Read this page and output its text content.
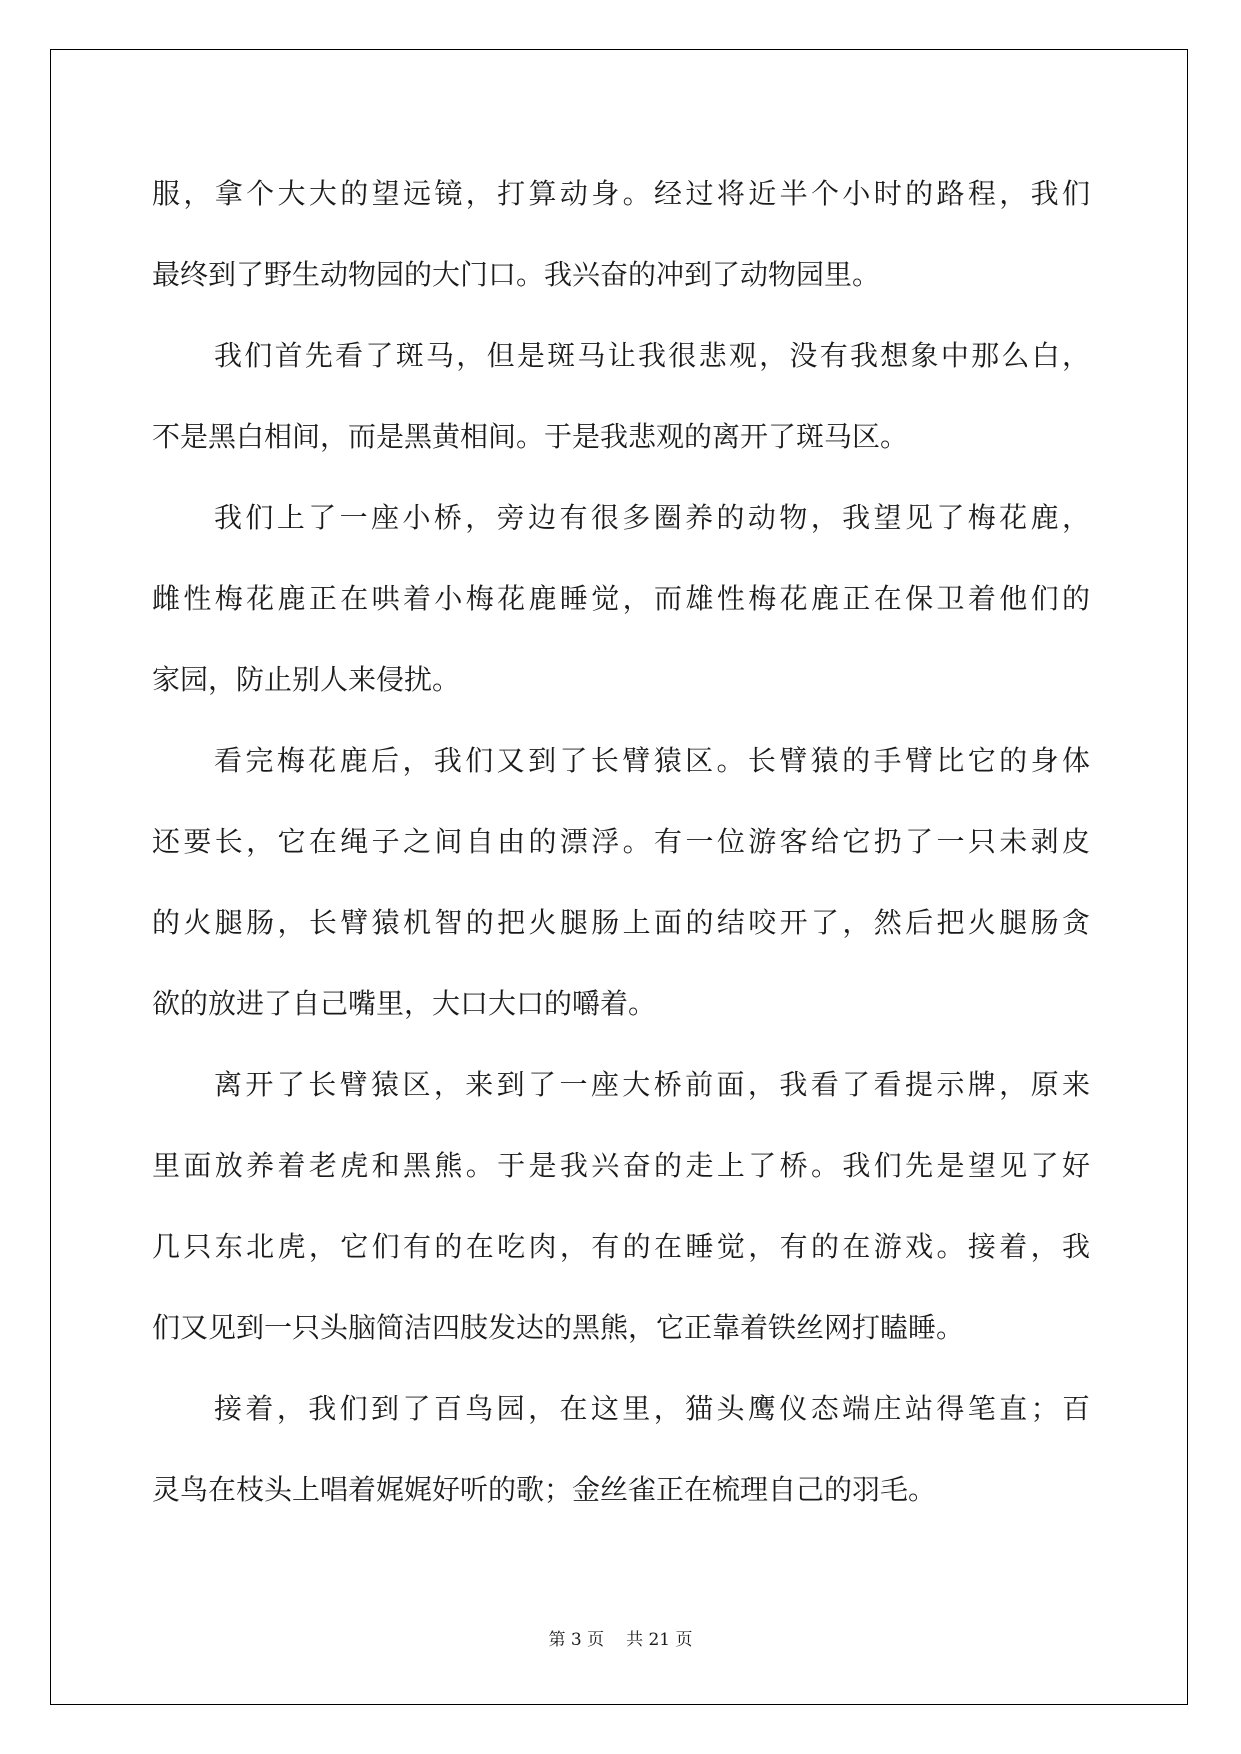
服，拿个大大的望远镜，打算动身。经过将近半个小时的路程，我们
最终到了野生动物园的大门口。我兴奋的冲到了动物园里。
我们首先看了斑马，但是斑马让我很悲观，没有我想象中那么白，
不是黑白相间，而是黑黄相间。于是我悲观的离开了斑马区。
我们上了一座小桥，旁边有很多圈养的动物，我望见了梅花鹿，
雌性梅花鹿正在哄着小梅花鹿睡觉，而雄性梅花鹿正在保卫着他们的
家园，防止别人来侵扰。
看完梅花鹿后，我们又到了长臂猿区。长臂猿的手臂比它的身体
还要长，它在绳子之间自由的漂浮。有一位游客给它扔了一只未剥皮
的火腿肠，长臂猿机智的把火腿肠上面的结咬开了，然后把火腿肠贪
欲的放进了自己嘴里，大口大口的嚼着。
离开了长臂猿区，来到了一座大桥前面，我看了看提示牌，原来
里面放养着老虎和黑熊。于是我兴奋的走上了桥。我们先是望见了好
几只东北虎，它们有的在吃肉，有的在睡觉，有的在游戏。接着，我
们又见到一只头脑简洁四肢发达的黑熊，它正靠着铁丝网打瞌睡。
接着，我们到了百鸟园，在这里，猫头鹰仪态端庄站得笔直；百
灵鸟在枝头上唱着娓娓好听的歌；金丝雀正在梳理自己的羽毛。
第 3 页 共 21 页
